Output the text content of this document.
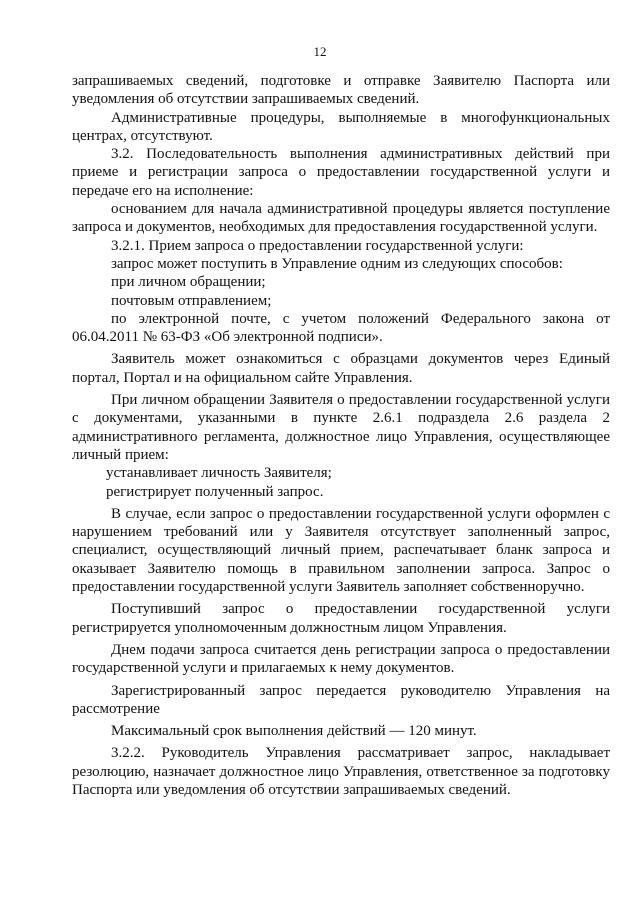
12

запрашиваемых сведений, подготовке и отправке Заявителю Паспорта или уведомления об отсутствии запрашиваемых сведений.

Административные процедуры, выполняемые в многофункциональных центрах, отсутствуют.

3.2. Последовательность выполнения административных действий при приеме и регистрации запроса о предоставлении государственной услуги и передаче его на исполнение:

основанием для начала административной процедуры является поступление запроса и документов, необходимых для предоставления государственной услуги.

3.2.1. Прием запроса о предоставлении государственной услуги:

запрос может поступить в Управление одним из следующих способов:

при личном обращении;

почтовым отправлением;

по электронной почте, с учетом положений Федерального закона от 06.04.2011 № 63-ФЗ «Об электронной подписи».

Заявитель может ознакомиться с образцами документов через Единый портал, Портал и на официальном сайте Управления.

При личном обращении Заявителя о предоставлении государственной услуги с документами, указанными в пункте 2.6.1 подраздела 2.6 раздела 2 административного регламента, должностное лицо Управления, осуществляющее личный прием:

устанавливает личность Заявителя;

регистрирует полученный запрос.

В случае, если запрос о предоставлении государственной услуги оформлен с нарушением требований или у Заявителя отсутствует заполненный запрос, специалист, осуществляющий личный прием, распечатывает бланк запроса и оказывает Заявителю помощь в правильном заполнении запроса. Запрос о предоставлении государственной услуги Заявитель заполняет собственноручно.

Поступивший запрос о предоставлении государственной услуги регистрируется уполномоченным должностным лицом Управления.

Днем подачи запроса считается день регистрации запроса о предоставлении государственной услуги и прилагаемых к нему документов.

Зарегистрированный запрос передается руководителю Управления на рассмотрение

Максимальный срок выполнения действий — 120 минут.

3.2.2. Руководитель Управления рассматривает запрос, накладывает резолюцию, назначает должностное лицо Управления, ответственное за подготовку Паспорта или уведомления об отсутствии запрашиваемых сведений.
